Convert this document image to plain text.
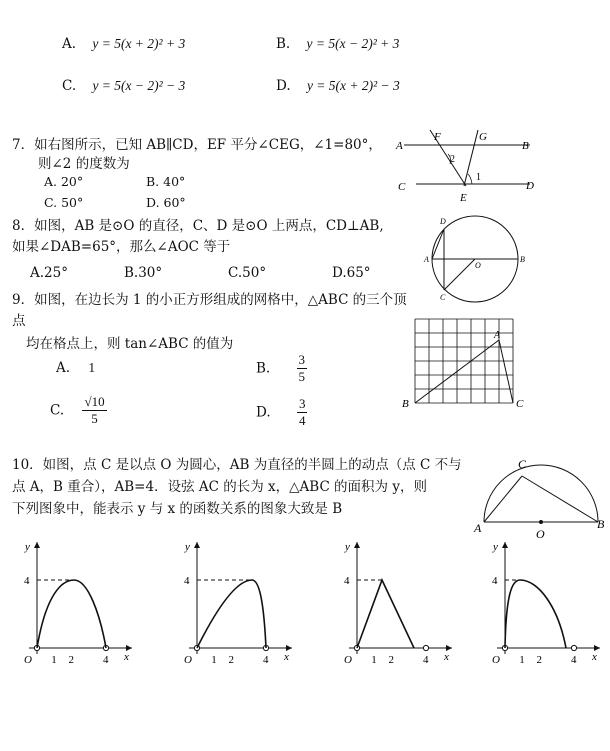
A. y = 5(x + 2)² + 3	B. y = 5(x − 2)² + 3
C. y = 5(x − 2)² − 3	D. y = 5(x + 2)² − 3
7．如右图所示，已知 AB∥CD，EF 平分∠CEG，∠1=80°，
则∠2 的度数为
A. 20°	B. 40°
C. 50°	D. 60°
A	B
C	D
E
F	G
1
2
8．如图，AB 是⊙O 的直径，C、D 是⊙O 上两点，CD⊥AB,
如果∠DAB=65°，那么∠AOC 等于
A.25°	B.30°	C.50°	D.65°
A	B
C
D
O
9．如图，在边长为 1 的小正方形组成的网格中，△ABC 的三个顶
点
均在格点上，则 tan∠ABC 的值为
A. 1	B. $\frac{3}{5}$
C. $\frac{√10}{5}$	D. $\frac{3}{4}$	B
A
C
10．如图，点 C 是以点 O 为圆心，AB 为直径的半圆上的动点（点 C 不与
点 A，B 重合），AB=4．设弦 AC 的长为 x，△ABC 的面积为 y，则
下列图象中，能表示 y 与 x 的函数关系的图象大致是 B
C
A	B
O
O 1 2	4 x
y
4
O 1 2	4 x
y
4
O 1 2	4 x
y
4
O 1 2	4 x
y
4
